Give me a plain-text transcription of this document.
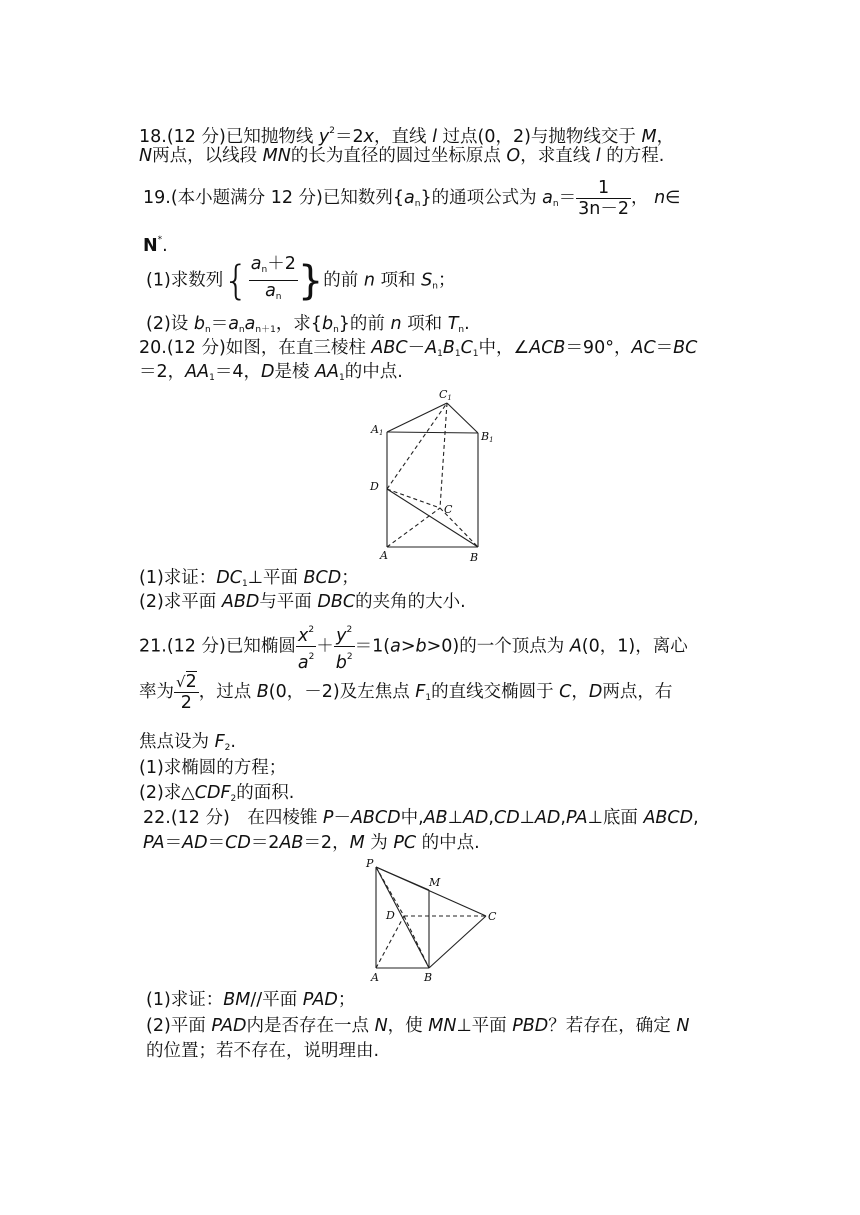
18.(12 分)已知抛物线 $y^2=2x$，直线 l 过点(0，2)与抛物线交于 M，
N两点，以线段 MN的长为直径的圆过坐标原点 O，求直线 l 的方程.
19.(本小题满分 12 分)已知数列$\{a_n\}$的通项公式为 $a_n= \frac{1}{3n-2}$ ， n∈
N*.
(1)求数列{ $\frac{a_n+2}{a_n}$ }的前 n 项和 $S_n$；
(2)设 $b_n=a_na_{n+1}$，求$\{b_n\}$的前 n 项和 $T_n$.
20.(12 分)如图，在直三棱柱 $ABC-A_1B_1C_1$中，∠ACB＝90°，AC＝BC
＝2，$AA_1=4$，D是棱 $AA_1$的中点.
C1
A1	B1
D
C
A	B
(1)求证：$DC_1\perp$平面 BCD；
(2)求平面 ABD与平面 DBC的夹角的大小.
21.(12 分)已知椭圆 $\frac{x^2}{a^2} + \frac{y^2}{b^2} =1(a>b>0)$的一个顶点为 A(0，1)，离心
率为 $\frac{√2}{2}$ ，过点 B(0，－2)及左焦点 $F_1$的直线交椭圆于 C，D两点，右
焦点设为 $F_2$.
(1)求椭圆的方程；
(2)求$\triangle CDF_2$的面积.
22.(12 分)　在四棱锥 P－ABCD中,AB⊥AD,CD⊥AD,PA⊥底面 ABCD,
PA＝AD＝CD＝2AB＝2，M 为 PC 的中点.
P
M
D	C
A	B
(1)求证：BM//平面 PAD；
(2)平面 PAD内是否存在一点 N，使 MN⊥平面 PBD？若存在，确定 N
的位置；若不存在，说明理由.
